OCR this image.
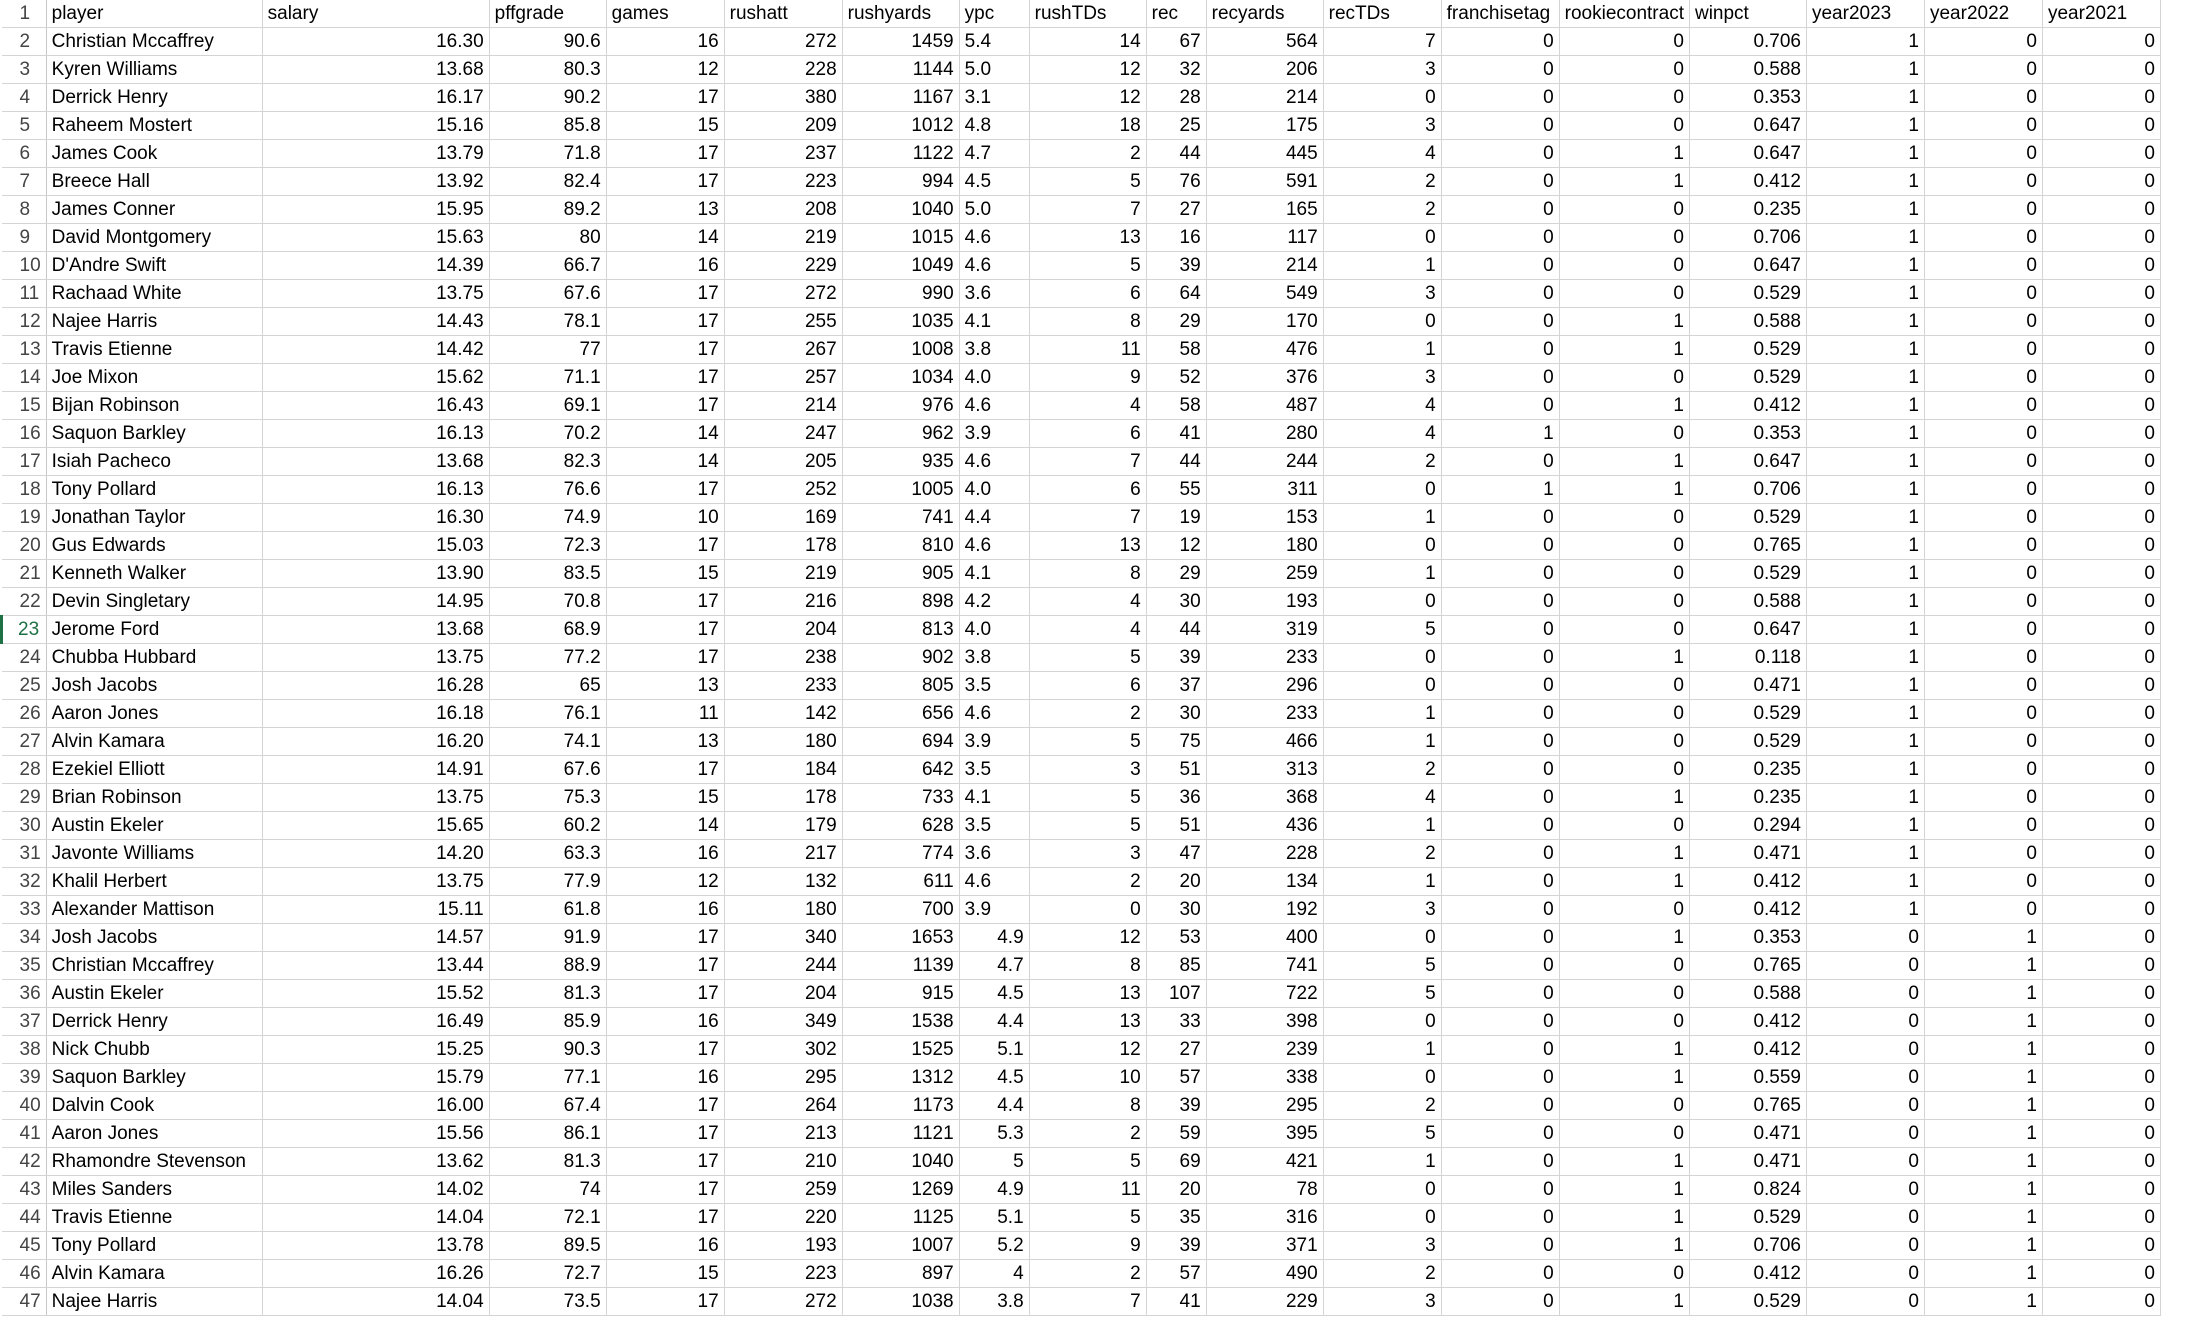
1	player	salary	pffgrade	games	rushatt	rushyards	ypc	rushTDs	rec	recyards	recTDs	franchisetag	rookiecontract	winpct	year2023	year2022	year2021
2	Christian Mccaffrey	16.30	90.6	16	272	1459	5.4	14	67	564	7	0	0	0.706	1	0	0
3	Kyren Williams	13.68	80.3	12	228	1144	5.0	12	32	206	3	0	0	0.588	1	0	0
4	Derrick Henry	16.17	90.2	17	380	1167	3.1	12	28	214	0	0	0	0.353	1	0	0
5	Raheem Mostert	15.16	85.8	15	209	1012	4.8	18	25	175	3	0	0	0.647	1	0	0
6	James Cook	13.79	71.8	17	237	1122	4.7	2	44	445	4	0	1	0.647	1	0	0
7	Breece Hall	13.92	82.4	17	223	994	4.5	5	76	591	2	0	1	0.412	1	0	0
8	James Conner	15.95	89.2	13	208	1040	5.0	7	27	165	2	0	0	0.235	1	0	0
9	David Montgomery	15.63	80	14	219	1015	4.6	13	16	117	0	0	0	0.706	1	0	0
10	D'Andre Swift	14.39	66.7	16	229	1049	4.6	5	39	214	1	0	0	0.647	1	0	0
11	Rachaad White	13.75	67.6	17	272	990	3.6	6	64	549	3	0	0	0.529	1	0	0
12	Najee Harris	14.43	78.1	17	255	1035	4.1	8	29	170	0	0	1	0.588	1	0	0
13	Travis Etienne	14.42	77	17	267	1008	3.8	11	58	476	1	0	1	0.529	1	0	0
14	Joe Mixon	15.62	71.1	17	257	1034	4.0	9	52	376	3	0	0	0.529	1	0	0
15	Bijan Robinson	16.43	69.1	17	214	976	4.6	4	58	487	4	0	1	0.412	1	0	0
16	Saquon Barkley	16.13	70.2	14	247	962	3.9	6	41	280	4	1	0	0.353	1	0	0
17	Isiah Pacheco	13.68	82.3	14	205	935	4.6	7	44	244	2	0	1	0.647	1	0	0
18	Tony Pollard	16.13	76.6	17	252	1005	4.0	6	55	311	0	1	1	0.706	1	0	0
19	Jonathan Taylor	16.30	74.9	10	169	741	4.4	7	19	153	1	0	0	0.529	1	0	0
20	Gus Edwards	15.03	72.3	17	178	810	4.6	13	12	180	0	0	0	0.765	1	0	0
21	Kenneth Walker	13.90	83.5	15	219	905	4.1	8	29	259	1	0	0	0.529	1	0	0
22	Devin Singletary	14.95	70.8	17	216	898	4.2	4	30	193	0	0	0	0.588	1	0	0
23	Jerome Ford	13.68	68.9	17	204	813	4.0	4	44	319	5	0	0	0.647	1	0	0
24	Chubba Hubbard	13.75	77.2	17	238	902	3.8	5	39	233	0	0	1	0.118	1	0	0
25	Josh Jacobs	16.28	65	13	233	805	3.5	6	37	296	0	0	0	0.471	1	0	0
26	Aaron Jones	16.18	76.1	11	142	656	4.6	2	30	233	1	0	0	0.529	1	0	0
27	Alvin Kamara	16.20	74.1	13	180	694	3.9	5	75	466	1	0	0	0.529	1	0	0
28	Ezekiel Elliott	14.91	67.6	17	184	642	3.5	3	51	313	2	0	0	0.235	1	0	0
29	Brian Robinson	13.75	75.3	15	178	733	4.1	5	36	368	4	0	1	0.235	1	0	0
30	Austin Ekeler	15.65	60.2	14	179	628	3.5	5	51	436	1	0	0	0.294	1	0	0
31	Javonte Williams	14.20	63.3	16	217	774	3.6	3	47	228	2	0	1	0.471	1	0	0
32	Khalil Herbert	13.75	77.9	12	132	611	4.6	2	20	134	1	0	1	0.412	1	0	0
33	Alexander Mattison	15.11	61.8	16	180	700	3.9	0	30	192	3	0	0	0.412	1	0	0
34	Josh Jacobs	14.57	91.9	17	340	1653	4.9	12	53	400	0	0	1	0.353	0	1	0
35	Christian Mccaffrey	13.44	88.9	17	244	1139	4.7	8	85	741	5	0	0	0.765	0	1	0
36	Austin Ekeler	15.52	81.3	17	204	915	4.5	13	107	722	5	0	0	0.588	0	1	0
37	Derrick Henry	16.49	85.9	16	349	1538	4.4	13	33	398	0	0	0	0.412	0	1	0
38	Nick Chubb	15.25	90.3	17	302	1525	5.1	12	27	239	1	0	1	0.412	0	1	0
39	Saquon Barkley	15.79	77.1	16	295	1312	4.5	10	57	338	0	0	1	0.559	0	1	0
40	Dalvin Cook	16.00	67.4	17	264	1173	4.4	8	39	295	2	0	0	0.765	0	1	0
41	Aaron Jones	15.56	86.1	17	213	1121	5.3	2	59	395	5	0	0	0.471	0	1	0
42	Rhamondre Stevenson	13.62	81.3	17	210	1040	5	5	69	421	1	0	1	0.471	0	1	0
43	Miles Sanders	14.02	74	17	259	1269	4.9	11	20	78	0	0	1	0.824	0	1	0
44	Travis Etienne	14.04	72.1	17	220	1125	5.1	5	35	316	0	0	1	0.529	0	1	0
45	Tony Pollard	13.78	89.5	16	193	1007	5.2	9	39	371	3	0	1	0.706	0	1	0
46	Alvin Kamara	16.26	72.7	15	223	897	4	2	57	490	2	0	0	0.412	0	1	0
47	Najee Harris	14.04	73.5	17	272	1038	3.8	7	41	229	3	0	1	0.529	0	1	0
